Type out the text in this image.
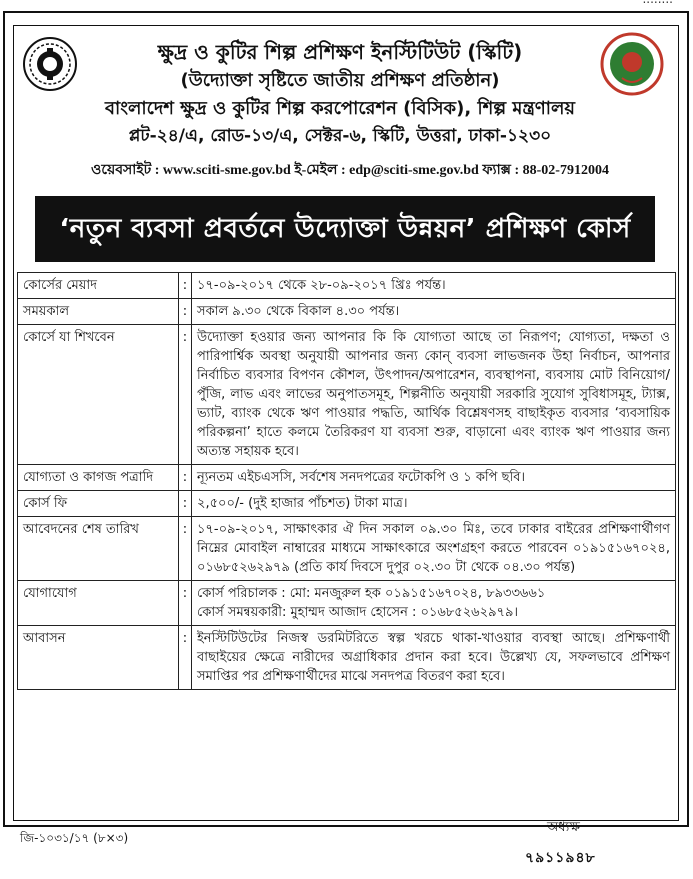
ক্ষুদ্র ও কুটির শিল্প প্রশিক্ষণ ইনস্টিটিউট (স্কিটি)
(উদ্যোক্তা সৃষ্টিতে জাতীয় প্রশিক্ষণ প্রতিষ্ঠান)
বাংলাদেশ ক্ষুদ্র ও কুটির শিল্প করপোরেশন (বিসিক), শিল্প মন্ত্রণালয়
প্লট-২৪/এ, রোড-১৩/এ, সেক্টর-৬, স্কিটি, উত্তরা, ঢাকা-১২৩০
ওয়েবসাইট : www.sciti-sme.gov.bd ই-মেইল : edp@sciti-sme.gov.bd ফ্যাক্স : 88-02-7912004
‘নতুন ব্যবসা প্রবর্তনে উদ্যোক্তা উন্নয়ন’ প্রশিক্ষণ কোর্স
কোর্সের মেয়াদ	:	১৭-০৯-২০১৭ থেকে ২৮-০৯-২০১৭ খ্রিঃ পর্যন্ত।
সময়কাল	:	সকাল ৯.৩০ থেকে বিকাল ৪.৩০ পর্যন্ত।
কোর্সে যা শিখবেন	:	উদ্যোক্তা হওয়ার জন্য আপনার কি কি যোগ্যতা আছে তা নিরূপণ; যোগ্যতা, দক্ষতা ও পারিপার্শ্বিক অবস্থা অনুযায়ী আপনার জন্য কোন্ ব্যবসা লাভজনক উহা নির্বাচন, আপনার নির্বাচিত ব্যবসার বিপণন কৌশল, উৎপাদন/অপারেশন, ব্যবস্থাপনা, ব্যবসায় মোট বিনিয়োগ/পুঁজি, লাভ এবং লাভের অনুপাতসমূহ, শিল্পনীতি অনুযায়ী সরকারি সুযোগ সুবিধাসমূহ, ট্যাক্স, ভ্যাট, ব্যাংক থেকে ঋণ পাওয়ার পদ্ধতি, আর্থিক বিশ্লেষণসহ বাছাইকৃত ব্যবসার ‘ব্যবসায়িক পরিকল্পনা’ হাতে কলমে তৈরিকরণ যা ব্যবসা শুরু, বাড়ানো এবং ব্যাংক ঋণ পাওয়ার জন্য অত্যন্ত সহায়ক হবে।
যোগ্যতা ও কাগজ পত্রাদি	:	ন্যূনতম এইচএসসি, সর্বশেষ সনদপত্রের ফটোকপি ও ১ কপি ছবি।
কোর্স ফি	:	২,৫০০/- (দুই হাজার পাঁচশত) টাকা মাত্র।
আবেদনের শেষ তারিখ	:	১৭-০৯-২০১৭, সাক্ষাৎকার ঐ দিন সকাল ০৯.৩০ মিঃ, তবে ঢাকার বাইরের প্রশিক্ষণার্থীগণ নিম্নের মোবাইল নাম্বারের মাধ্যমে সাক্ষাৎকারে অংশগ্রহণ করতে পারবেন ০১৯১৫১৬৭০২৪, ০১৬৮৫২৬২৯৭৯ (প্রতি কার্য দিবসে দুপুর ০২.৩০ টা থেকে ০৪.৩০ পর্যন্ত)
যোগাযোগ	:	কোর্স পরিচালক : মো: মনজুরুল হক ০১৯১৫১৬৭০২৪, ৮৯৩৩৬৬১
কোর্স সমন্বয়কারী: মুহাম্মদ আজাদ হোসেন : ০১৬৮৫২৬২৯৭৯।

আবাসন	:	ইনস্টিটিউটের নিজস্ব ডরমিটরিতে স্বল্প খরচে থাকা-খাওয়ার ব্যবস্থা আছে। প্রশিক্ষণার্থী বাছাইয়ের ক্ষেত্রে নারীদের অগ্রাধিকার প্রদান করা হবে। উল্লেখ্য যে, সফলভাবে প্রশিক্ষণ সমাপ্তির পর প্রশিক্ষণার্থীদের মাঝে সনদপত্র বিতরণ করা হবে।
জি-১০৩১/১৭ (৮×৩)
অধ্যক্ষ
৭৯১১৯৪৮
